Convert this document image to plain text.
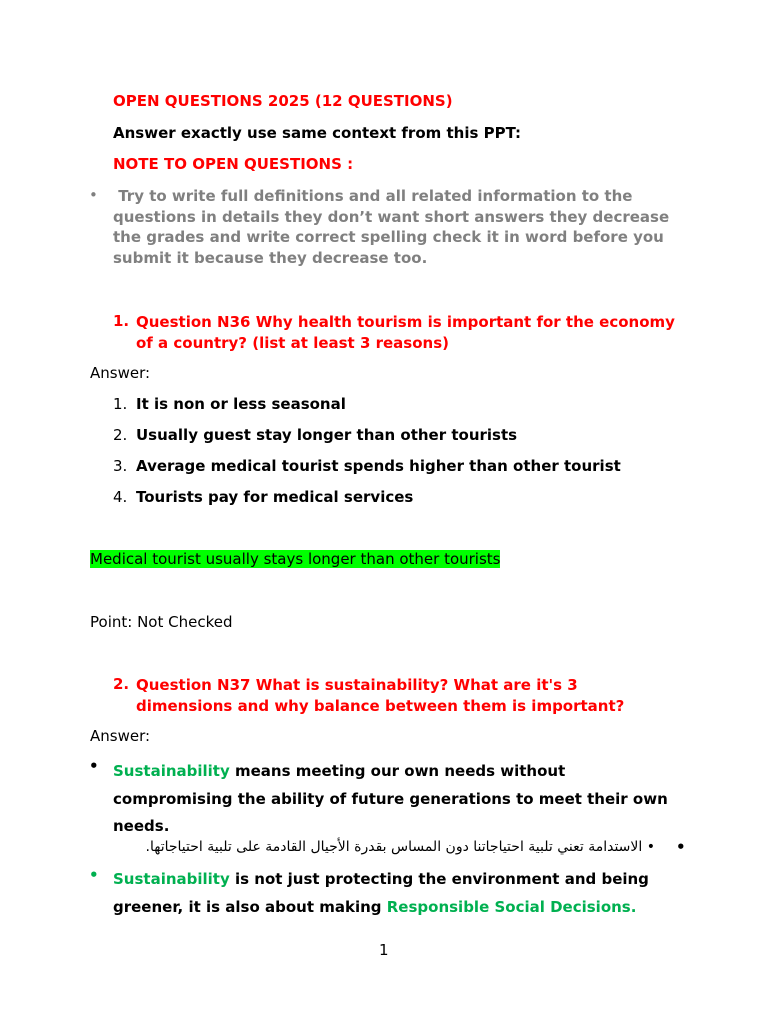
OPEN QUESTIONS 2025 (12 QUESTIONS)
Answer exactly use same context from this PPT:
NOTE TO OPEN QUESTIONS :
• Try to write full definitions and all related information to the
questions in details they don’t want short answers they decrease
the grades and write correct spelling check it in word before you
submit it because they decrease too.
1. Question N36 Why health tourism is important for the economy
of a country? (list at least 3 reasons)
Answer:
1. It is non or less seasonal
2. Usually guest stay longer than other tourists
3. Average medical tourist spends higher than other tourist
4. Tourists pay for medical services
Medical tourist usually stays longer than other tourists
Point: Not Checked
2. Question N37 What is sustainability? What are it's 3
dimensions and why balance between them is important?
Answer:
• Sustainability means meeting our own needs without
compromising the ability of future generations to meet their own
needs.
• الاستدامة تعني تلبية احتياجاتنا دون المساس بقدرة الأجيال القادمة على تلبية احتياجاتها. •
• Sustainability is not just protecting the environment and being
greener, it is also about making Responsible Social Decisions.
1
